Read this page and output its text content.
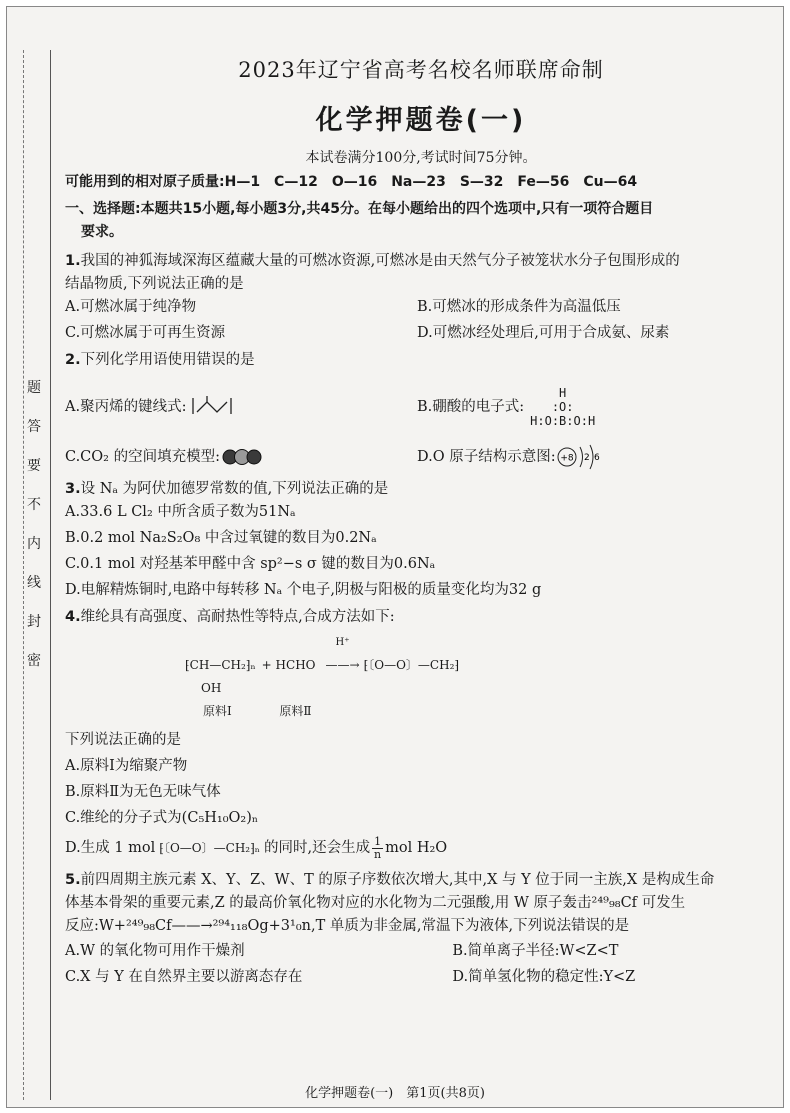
题
答
要
不
内
线
封
密
2023年辽宁省高考名校名师联席命制
化学押题卷(一)
本试卷满分100分,考试时间75分钟。
可能用到的相对原子质量:H—1　C—12　O—16　Na—23　S—32　Fe—56　Cu—64
一、选择题:本题共15小题,每小题3分,共45分。在每小题给出的四个选项中,只有一项符合题目
要求。
1.我国的神狐海域深海区蕴藏大量的可燃冰资源,可燃冰是由天然气分子被笼状水分子包围形成的
结晶物质,下列说法正确的是
A.可燃冰属于纯净物	B.可燃冰的形成条件为高温低压
C.可燃冰属于可再生资源	D.可燃冰经处理后,可用于合成氨、尿素
2.下列化学用语使用错误的是
A.聚丙烯的键线式:	B.硼酸的电子式:
H
:O:
H:O:B:O:H
C.CO₂ 的空间填充模型:	D.O 原子结构示意图: +8 2 6
3.设 Nₐ 为阿伏加德罗常数的值,下列说法正确的是
A.33.6 L Cl₂ 中所含质子数为51Nₐ
B.0.2 mol Na₂S₂O₈ 中含过氧键的数目为0.2Nₐ
C.0.1 mol 对羟基苯甲醛中含 sp²−s σ 键的数目为0.6Nₐ
D.电解精炼铜时,电路中每转移 Nₐ 个电子,阴极与阳极的质量变化均为32 g
4.维纶具有高强度、高耐热性等特点,合成方法如下:
⁅CH—CH₂⁆ₙ + HCHO
H⁺
——→ ⁅〔O—O〕—CH₂⁆
OH
原料Ⅰ	原料Ⅱ
下列说法正确的是
A.原料Ⅰ为缩聚产物
B.原料Ⅱ为无色无味气体
C.维纶的分子式为(C₅H₁₀O₂)ₙ
D.生成 1 mol ⁅〔O—O〕—CH₂⁆ₙ 的同时,还会生成 $\frac{1}{n}$ mol H₂O
5.前四周期主族元素 X、Y、Z、W、T 的原子序数依次增大,其中,X 与 Y 位于同一主族,X 是构成生命
体基本骨架的重要元素,Z 的最高价氧化物对应的水化物为二元强酸,用 W 原子轰击²⁴⁹₉₈Cf 可发生
反应:W+²⁴⁹₉₈Cf——→²⁹⁴₁₁₈Og+3¹₀n,T 单质为非金属,常温下为液体,下列说法错误的是
A.W 的氧化物可用作干燥剂	B.简单离子半径:W<Z<T
C.X 与 Y 在自然界主要以游离态存在	D.简单氢化物的稳定性:Y<Z
化学押题卷(一)　第1页(共8页)
